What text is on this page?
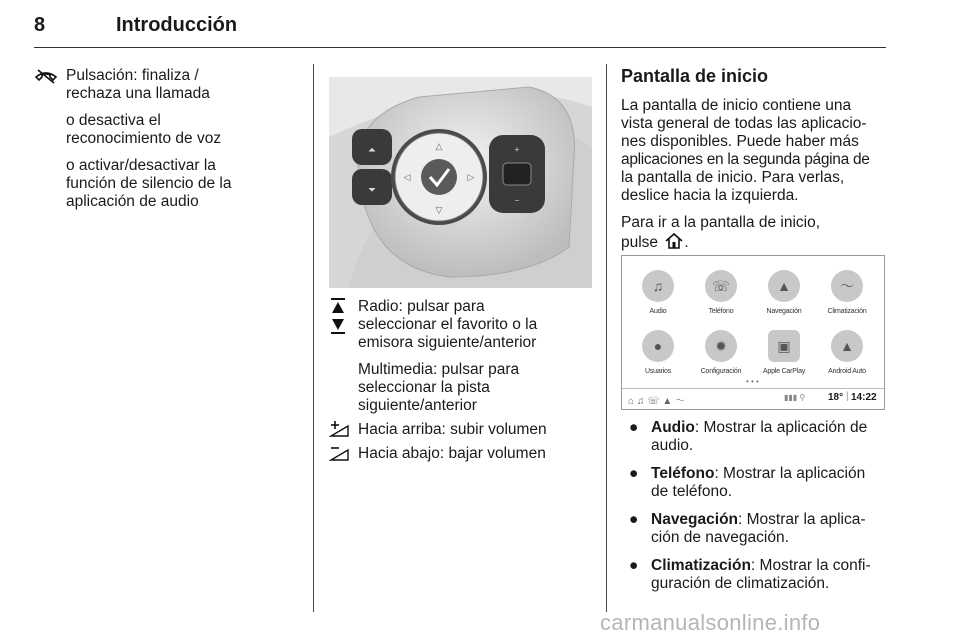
8	Introducción

Pulsación: finaliza /

rechaza una llamada

o desactiva el

reconocimiento de voz

o activar/desactivar la

función de silencio de la

aplicación de audio

⏶
⏷
△
▽
◁	▷
+
−

Radio: pulsar para

seleccionar el favorito o la

emisora siguiente/anterior

Multimedia: pulsar para

seleccionar la pista

siguiente/anterior

Hacia arriba: subir volumen
Hacia abajo: bajar volumen
Pantalla de inicio

La pantalla de inicio contiene una

vista general de todas las aplicacio-

nes disponibles. Puede haber más

aplicaciones en la segunda página de

la pantalla de inicio. Para verlas,

deslice hacia la izquierda.

Para ir a la pantalla de inicio,

pulse .

♫
Audio
☏
Teléfono
▲
Navegación
〜
Climatización
●
Usuarios
✹
Configuración
▣
Apple CarPlay
▲
Android Auto
• • •
⌂ ♫ ☏ ▲ 〜	▮▮▮ ⚲ 18° | 14:22
● Audio: Mostrar la aplicación de
audio.
● Teléfono: Mostrar la aplicación
de teléfono.
● Navegación: Mostrar la aplica-
ción de navegación.
● Climatización: Mostrar la confi-
guración de climatización.
carmanualsonline.info
